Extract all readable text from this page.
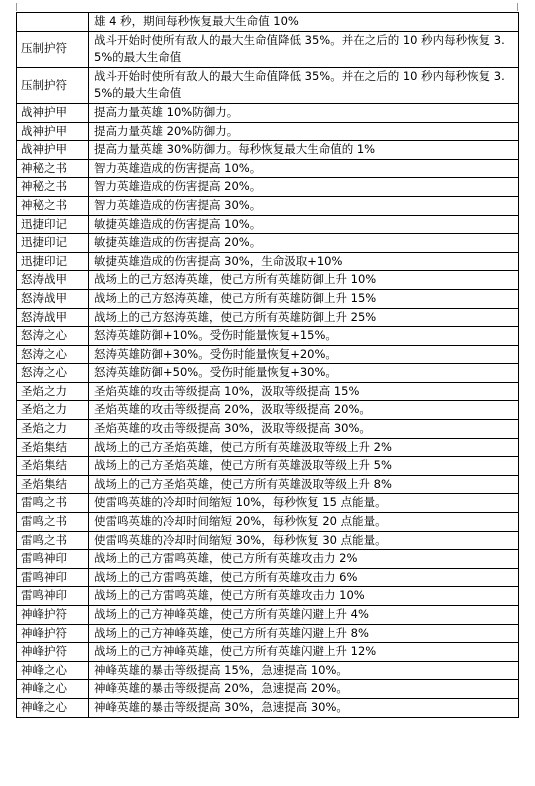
	雄 4 秒，期间每秒恢复最大生命值 10%
压制护符	战斗开始时使所有敌人的最大生命值降低 35%。并在之后的 10 秒内每秒恢复 3.5%的最大生命值
压制护符	战斗开始时使所有敌人的最大生命值降低 35%。并在之后的 10 秒内每秒恢复 3.5%的最大生命值
战神护甲	提高力量英雄 10%防御力。
战神护甲	提高力量英雄 20%防御力。
战神护甲	提高力量英雄 30%防御力。每秒恢复最大生命值的 1%
神秘之书	智力英雄造成的伤害提高 10%。
神秘之书	智力英雄造成的伤害提高 20%。
神秘之书	智力英雄造成的伤害提高 30%。
迅捷印记	敏捷英雄造成的伤害提高 10%。
迅捷印记	敏捷英雄造成的伤害提高 20%。
迅捷印记	敏捷英雄造成的伤害提高 30%，生命汲取+10%
怒涛战甲	战场上的己方怒涛英雄，使己方所有英雄防御上升 10%
怒涛战甲	战场上的己方怒涛英雄，使己方所有英雄防御上升 15%
怒涛战甲	战场上的己方怒涛英雄，使己方所有英雄防御上升 25%
怒涛之心	怒涛英雄防御+10%。受伤时能量恢复+15%。
怒涛之心	怒涛英雄防御+30%。受伤时能量恢复+20%。
怒涛之心	怒涛英雄防御+50%。受伤时能量恢复+30%。
圣焰之力	圣焰英雄的攻击等级提高 10%，汲取等级提高 15%
圣焰之力	圣焰英雄的攻击等级提高 20%，汲取等级提高 20%。
圣焰之力	圣焰英雄的攻击等级提高 30%，汲取等级提高 30%。
圣焰集结	战场上的己方圣焰英雄，使己方所有英雄汲取等级上升 2%
圣焰集结	战场上的己方圣焰英雄，使己方所有英雄汲取等级上升 5%
圣焰集结	战场上的己方圣焰英雄，使己方所有英雄汲取等级上升 8%
雷鸣之书	使雷鸣英雄的冷却时间缩短 10%，每秒恢复 15 点能量。
雷鸣之书	使雷鸣英雄的冷却时间缩短 20%，每秒恢复 20 点能量。
雷鸣之书	使雷鸣英雄的冷却时间缩短 30%，每秒恢复 30 点能量。
雷鸣神印	战场上的己方雷鸣英雄，使己方所有英雄攻击力 2%
雷鸣神印	战场上的己方雷鸣英雄，使己方所有英雄攻击力 6%
雷鸣神印	战场上的己方雷鸣英雄，使己方所有英雄攻击力 10%
神峰护符	战场上的己方神峰英雄，使己方所有英雄闪避上升 4%
神峰护符	战场上的己方神峰英雄，使己方所有英雄闪避上升 8%
神峰护符	战场上的己方神峰英雄，使己方所有英雄闪避上升 12%
神峰之心	神峰英雄的暴击等级提高 15%，急速提高 10%。
神峰之心	神峰英雄的暴击等级提高 20%，急速提高 20%。
神峰之心	神峰英雄的暴击等级提高 30%，急速提高 30%。
